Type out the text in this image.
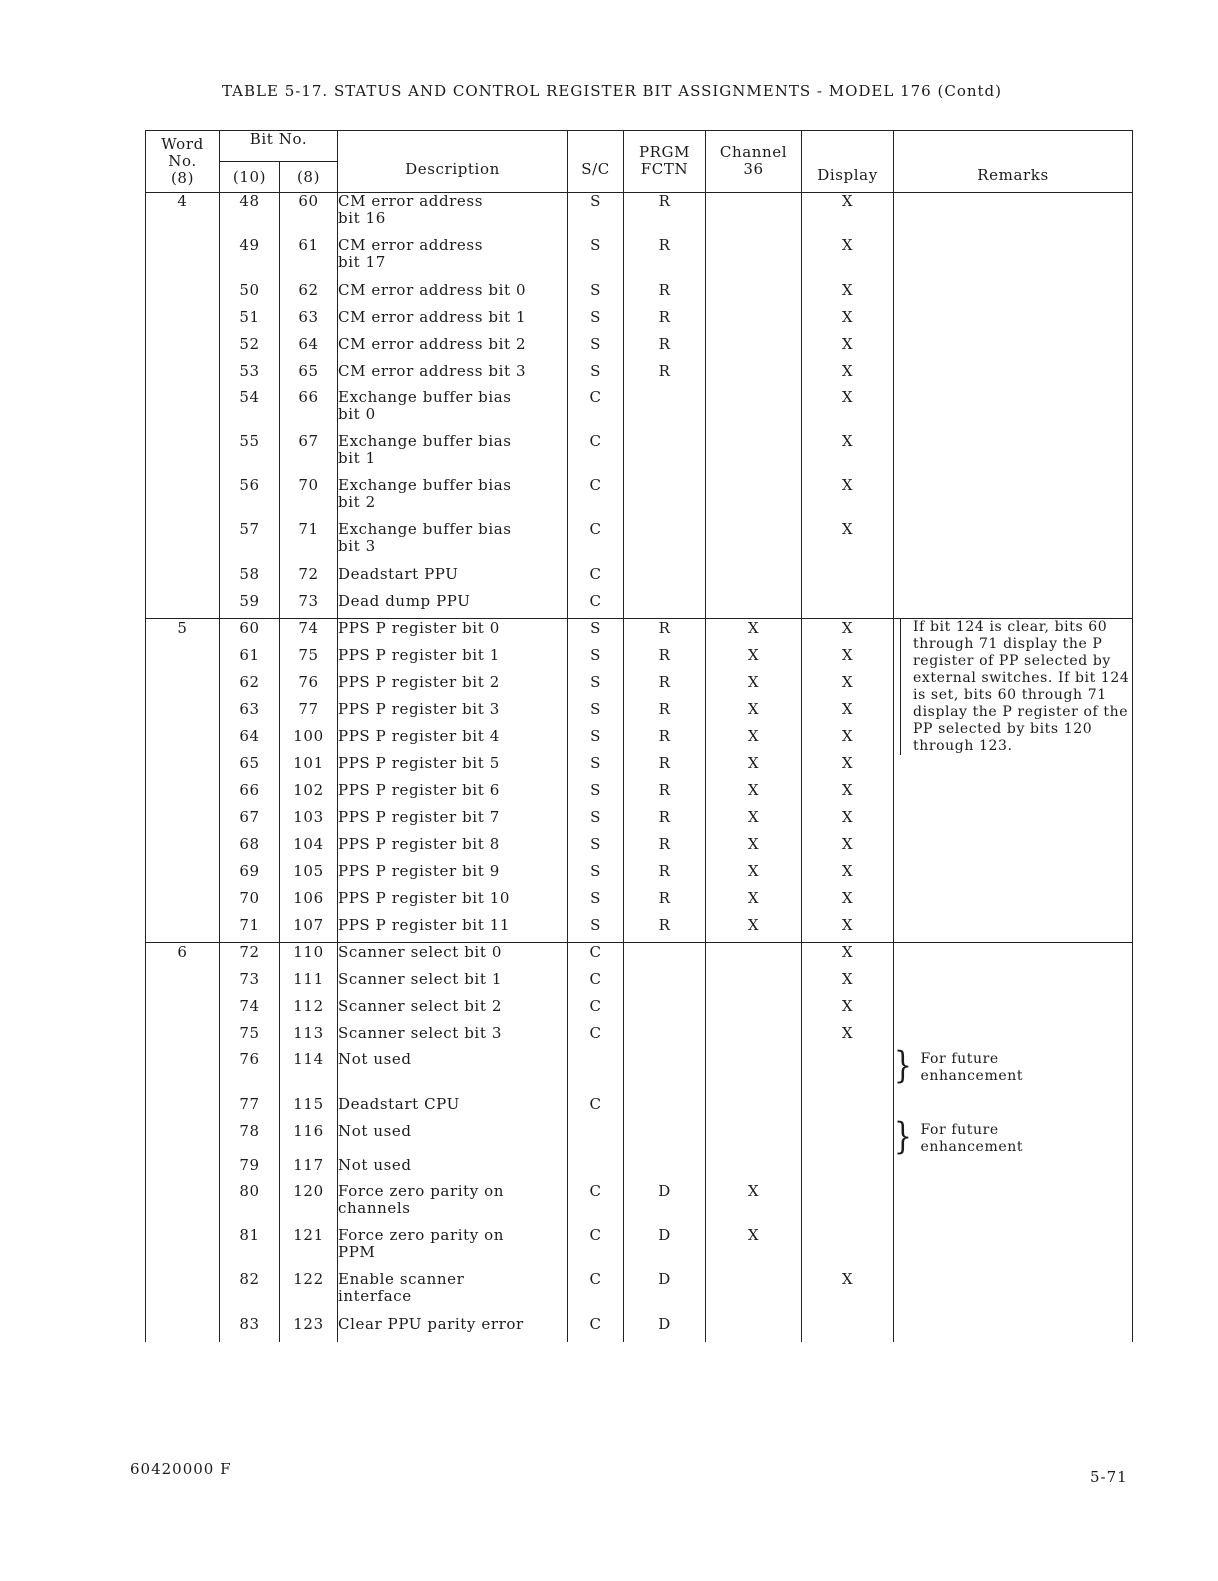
TABLE 5-17. STATUS AND CONTROL REGISTER BIT ASSIGNMENTS - MODEL 176 (Contd)
Word
No.
(8)	Bit No.		Description	S/C	PRGM
FCTN	Channel
36	Display	Remarks
	(10)	(8)						
4	48	60	CM error address
bit 16	S	R		X	
	49	61	CM error address
bit 17	S	R		X	
	50	62	CM error address bit 0	S	R		X	
	51	63	CM error address bit 1	S	R		X	
	52	64	CM error address bit 2	S	R		X	
	53	65	CM error address bit 3	S	R		X	
	54	66	Exchange buffer bias
bit 0	C			X	
	55	67	Exchange buffer bias
bit 1	C			X	
	56	70	Exchange buffer bias
bit 2	C			X	
	57	71	Exchange buffer bias
bit 3	C			X	
	58	72	Deadstart PPU	C				
	59	73	Dead dump PPU	C				
5	60	74	PPS P register bit 0	S	R	X	X	If bit 124 is clear, bits 60 through 71 display the P register of PP selected by external switches. If bit 124 is set, bits 60 through 71 display the P register of the PP selected by bits 120 through 123.

	61	75	PPS P register bit 1	S	R	X	X	
	62	76	PPS P register bit 2	S	R	X	X	
	63	77	PPS P register bit 3	S	R	X	X	
	64	100	PPS P register bit 4	S	R	X	X	
	65	101	PPS P register bit 5	S	R	X	X	
	66	102	PPS P register bit 6	S	R	X	X	
	67	103	PPS P register bit 7	S	R	X	X	
	68	104	PPS P register bit 8	S	R	X	X	
	69	105	PPS P register bit 9	S	R	X	X	
	70	106	PPS P register bit 10	S	R	X	X	
	71	107	PPS P register bit 11	S	R	X	X	
6	72	110	Scanner select bit 0	C			X	
	73	111	Scanner select bit 1	C			X	
	74	112	Scanner select bit 2	C			X	
	75	113	Scanner select bit 3	C			X	
	76	114	Not used					} For future
enhancement

	77	115	Deadstart CPU	C				
	78	116	Not used					} For future
enhancement

	79	117	Not used					
	80	120	Force zero parity on
channels	C	D	X		
	81	121	Force zero parity on
PPM	C	D	X		
	82	122	Enable scanner
interface	C	D		X	
	83	123	Clear PPU parity error	C	D			
60420000 F	5-71
